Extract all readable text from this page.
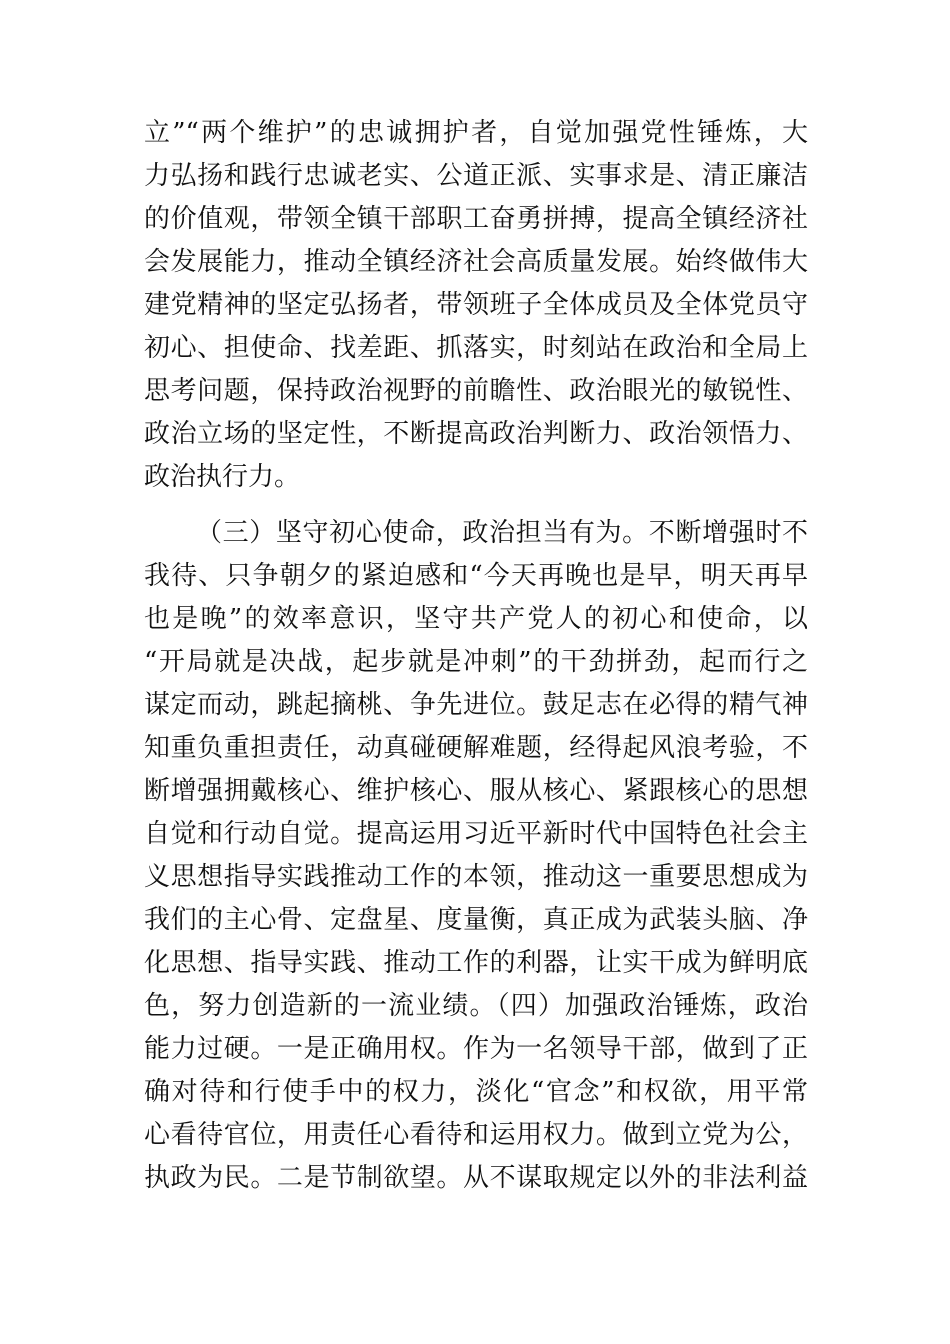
立”“两个维护”的忠诚拥护者，自觉加强党性锤炼，大
力弘扬和践行忠诚老实、公道正派、实事求是、清正廉洁
的价值观，带领全镇干部职工奋勇拼搏，提高全镇经济社
会发展能力，推动全镇经济社会高质量发展。始终做伟大
建党精神的坚定弘扬者，带领班子全体成员及全体党员守
初心、担使命、找差距、抓落实，时刻站在政治和全局上
思考问题，保持政治视野的前瞻性、政治眼光的敏锐性、
政治立场的坚定性，不断提高政治判断力、政治领悟力、
政治执行力。
（三）坚守初心使命，政治担当有为。不断增强时不
我待、只争朝夕的紧迫感和“今天再晚也是早，明天再早
也是晚”的效率意识，坚守共产党人的初心和使命，以
“开局就是决战，起步就是冲刺”的干劲拼劲，起而行之
谋定而动，跳起摘桃、争先进位。鼓足志在必得的精气神
知重负重担责任，动真碰硬解难题，经得起风浪考验，不
断增强拥戴核心、维护核心、服从核心、紧跟核心的思想
自觉和行动自觉。提高运用习近平新时代中国特色社会主
义思想指导实践推动工作的本领，推动这一重要思想成为
我们的主心骨、定盘星、度量衡，真正成为武装头脑、净
化思想、指导实践、推动工作的利器，让实干成为鲜明底
色，努力创造新的一流业绩。（四）加强政治锤炼，政治
能力过硬。一是正确用权。作为一名领导干部，做到了正
确对待和行使手中的权力，淡化“官念”和权欲，用平常
心看待官位，用责任心看待和运用权力。做到立党为公，
执政为民。二是节制欲望。从不谋取规定以外的非法利益
